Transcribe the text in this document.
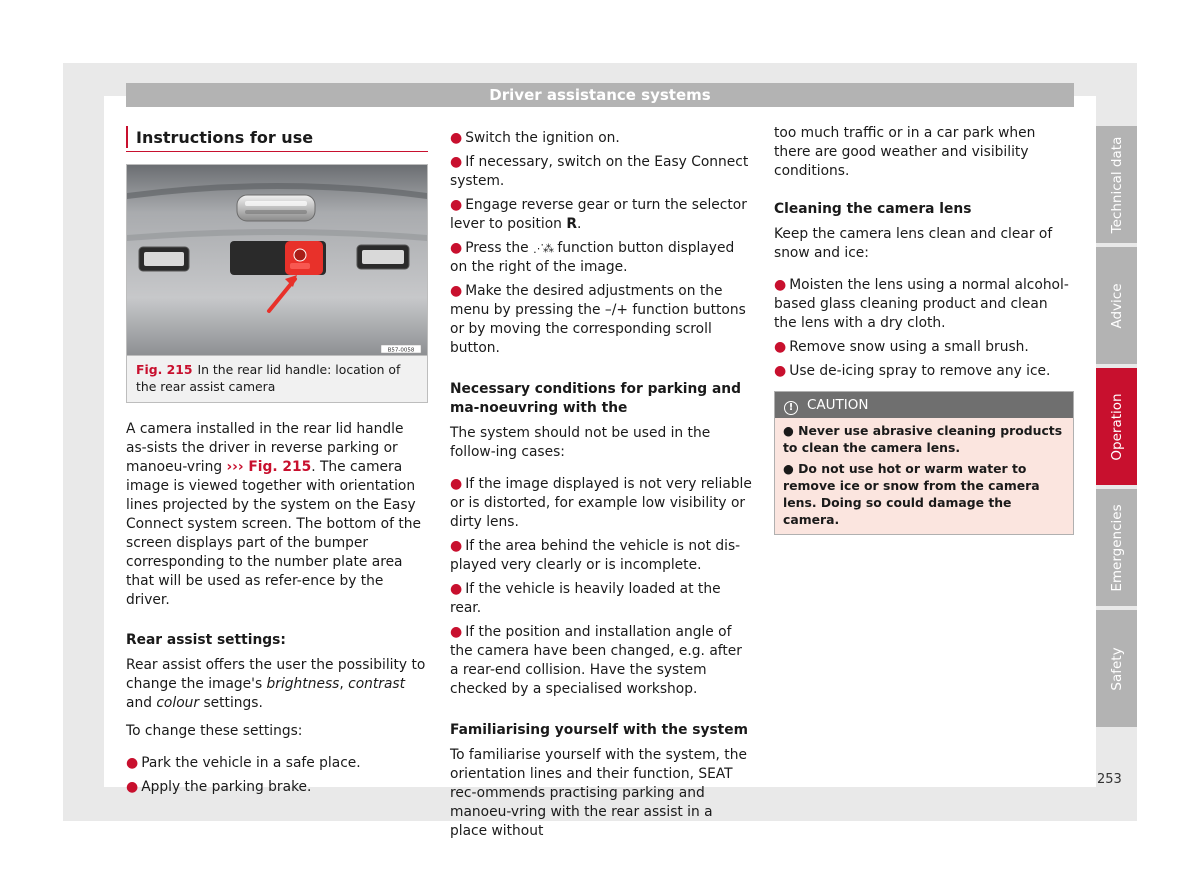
Driver assistance systems
Instructions for use
B57-0058
Fig. 215 In the rear lid handle: location of the rear assist camera

A camera installed in the rear lid handle as-sists the driver in reverse parking or manoeu-vring ››› Fig. 215. The camera image is viewed together with orientation lines projected by the system on the Easy Connect system screen. The bottom of the screen displays part of the bumper corresponding to the number plate area that will be used as refer-ence by the driver.

Rear assist settings:

Rear assist offers the user the possibility to change the image's brightness, contrast and colour settings.

To change these settings:

● Park the vehicle in a safe place.
● Apply the parking brake.
● Switch the ignition on.
● If necessary, switch on the Easy Connect system.
● Engage reverse gear or turn the selector lever to position R.
● Press the ⋰⁂ function button displayed on the right of the image.
● Make the desired adjustments on the menu by pressing the –/+ function buttons or by moving the corresponding scroll button.

Necessary conditions for parking and ma-noeuvring with the

The system should not be used in the follow-ing cases:

● If the image displayed is not very reliable or is distorted, for example low visibility or dirty lens.
● If the area behind the vehicle is not dis-played very clearly or is incomplete.
● If the vehicle is heavily loaded at the rear.
● If the position and installation angle of the camera have been changed, e.g. after a rear-end collision. Have the system checked by a specialised workshop.

Familiarising yourself with the system

To familiarise yourself with the system, the orientation lines and their function, SEAT rec-ommends practising parking and manoeu-vring with the rear assist in a place without

too much traffic or in a car park when there are good weather and visibility conditions.

Cleaning the camera lens

Keep the camera lens clean and clear of snow and ice:

● Moisten the lens using a normal alcohol-based glass cleaning product and clean the lens with a dry cloth.
● Remove snow using a small brush.
● Use de-icing spray to remove any ice.
! CAUTION
● Never use abrasive cleaning products to clean the camera lens.
● Do not use hot or warm water to remove ice or snow from the camera lens. Doing so could damage the camera.
Technical data
Advice
Operation
Emergencies
Safety
253
